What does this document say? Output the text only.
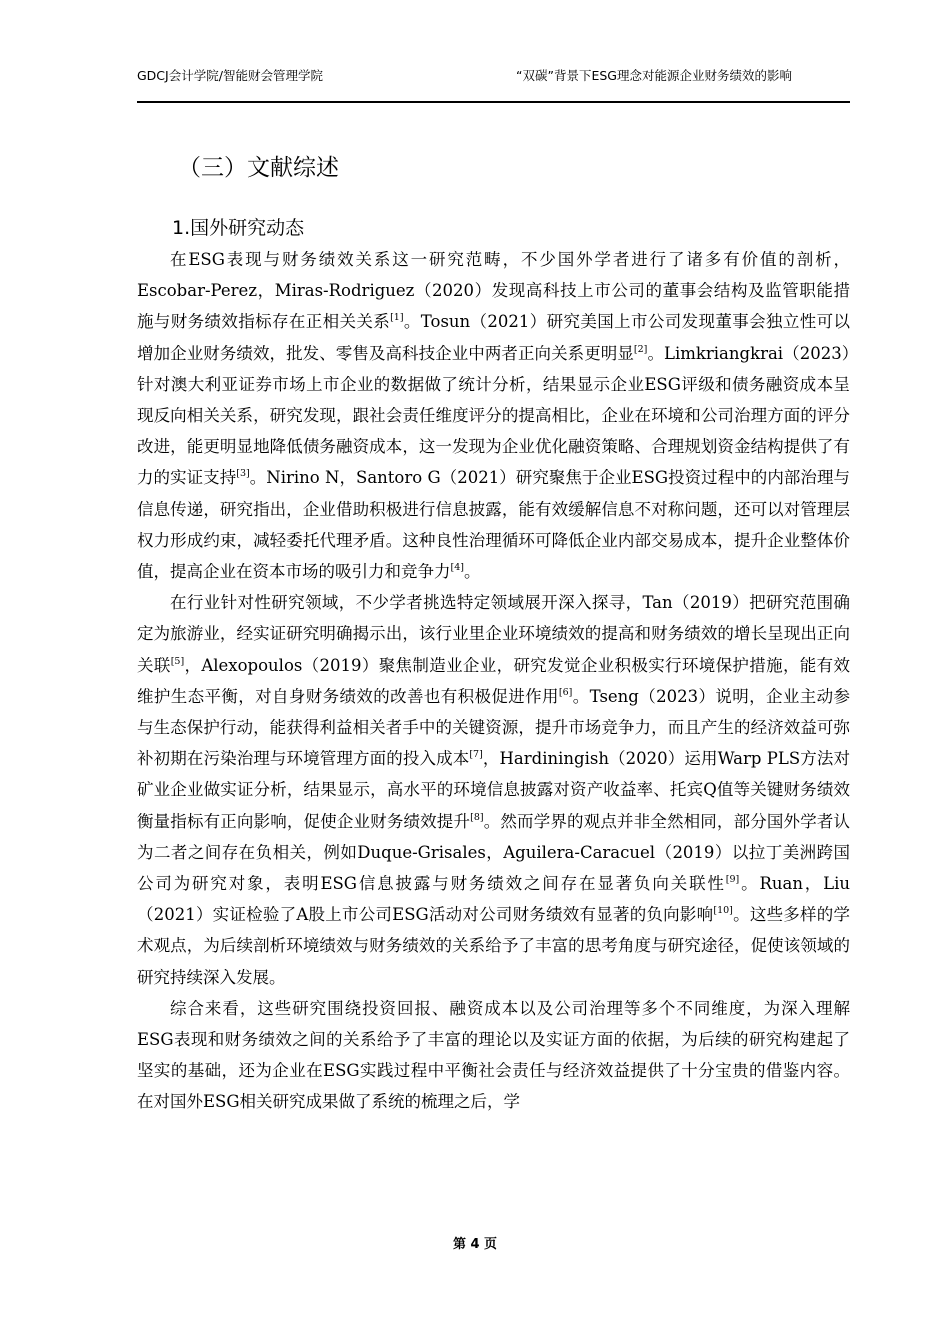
GDCJ会计学院/智能财会管理学院	“双碳”背景下ESG理念对能源企业财务绩效的影响
（三）文献综述
1.国外研究动态

在ESG表现与财务绩效关系这一研究范畴，不少国外学者进行了诸多有价值的剖析，Escobar-Perez，Miras-Rodriguez（2020）发现高科技上市公司的董事会结构及监管职能措施与财务绩效指标存在正相关关系[1]。Tosun（2021）研究美国上市公司发现董事会独立性可以增加企业财务绩效，批发、零售及高科技企业中两者正向关系更明显[2]。Limkriangkrai（2023）针对澳大利亚证券市场上市企业的数据做了统计分析，结果显示企业ESG评级和债务融资成本呈现反向相关关系，研究发现，跟社会责任维度评分的提高相比，企业在环境和公司治理方面的评分改进，能更明显地降低债务融资成本，这一发现为企业优化融资策略、合理规划资金结构提供了有力的实证支持[3]。Nirino N，Santoro G（2021）研究聚焦于企业ESG投资过程中的内部治理与信息传递，研究指出，企业借助积极进行信息披露，能有效缓解信息不对称问题，还可以对管理层权力形成约束，减轻委托代理矛盾。这种良性治理循环可降低企业内部交易成本，提升企业整体价值，提高企业在资本市场的吸引力和竞争力[4]。

在行业针对性研究领域，不少学者挑选特定领域展开深入探寻，Tan（2019）把研究范围确定为旅游业，经实证研究明确揭示出，该行业里企业环境绩效的提高和财务绩效的增长呈现出正向关联[5]，Alexopoulos（2019）聚焦制造业企业，研究发觉企业积极实行环境保护措施，能有效维护生态平衡，对自身财务绩效的改善也有积极促进作用[6]。Tseng（2023）说明，企业主动参与生态保护行动，能获得利益相关者手中的关键资源，提升市场竞争力，而且产生的经济效益可弥补初期在污染治理与环境管理方面的投入成本[7]，Hardiningish（2020）运用Warp PLS方法对矿业企业做实证分析，结果显示，高水平的环境信息披露对资产收益率、托宾Q值等关键财务绩效衡量指标有正向影响，促使企业财务绩效提升[8]。然而学界的观点并非全然相同，部分国外学者认为二者之间存在负相关，例如Duque-Grisales，Aguilera-Caracuel（2019）以拉丁美洲跨国公司为研究对象，表明ESG信息披露与财务绩效之间存在显著负向关联性[9]。Ruan，Liu（2021）实证检验了A股上市公司ESG活动对公司财务绩效有显著的负向影响[10]。这些多样的学术观点，为后续剖析环境绩效与财务绩效的关系给予了丰富的思考角度与研究途径，促使该领域的研究持续深入发展。

综合来看，这些研究围绕投资回报、融资成本以及公司治理等多个不同维度，为深入理解ESG表现和财务绩效之间的关系给予了丰富的理论以及实证方面的依据，为后续的研究构建起了坚实的基础，还为企业在ESG实践过程中平衡社会责任与经济效益提供了十分宝贵的借鉴内容。在对国外ESG相关研究成果做了系统的梳理之后，学

第 4 页
